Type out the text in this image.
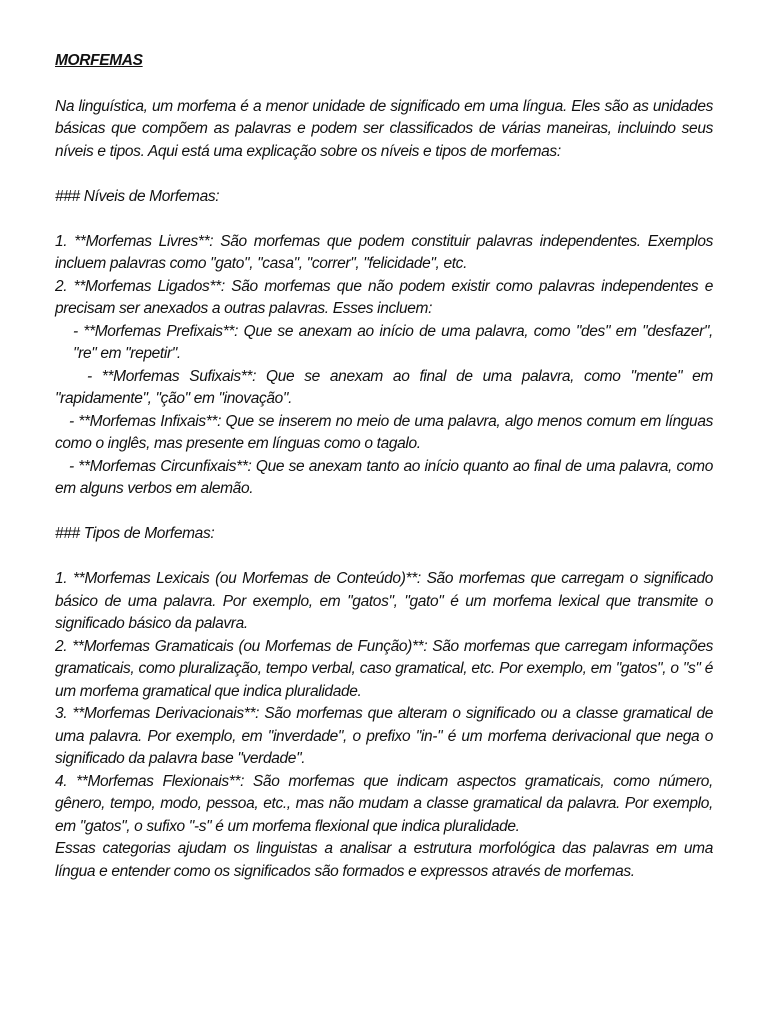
MORFEMAS

Na linguística, um morfema é a menor unidade de significado em uma língua. Eles são as unidades básicas que compõem as palavras e podem ser classificados de várias maneiras, incluindo seus níveis e tipos. Aqui está uma explicação sobre os níveis e tipos de morfemas:

### Níveis de Morfemas:

1. **Morfemas Livres**: São morfemas que podem constituir palavras independentes. Exemplos incluem palavras como "gato", "casa", "correr", "felicidade", etc.

2. **Morfemas Ligados**: São morfemas que não podem existir como palavras independentes e precisam ser anexados a outras palavras. Esses incluem:

- **Morfemas Prefixais**: Que se anexam ao início de uma palavra, como "des" em "desfazer", "re" em "repetir".

- **Morfemas Sufixais**: Que se anexam ao final de uma palavra, como "mente" em "rapidamente", "ção" em "inovação".

- **Morfemas Infixais**: Que se inserem no meio de uma palavra, algo menos comum em línguas como o inglês, mas presente em línguas como o tagalo.

- **Morfemas Circunfixais**: Que se anexam tanto ao início quanto ao final de uma palavra, como em alguns verbos em alemão.

### Tipos de Morfemas:

1. **Morfemas Lexicais (ou Morfemas de Conteúdo)**: São morfemas que carregam o significado básico de uma palavra. Por exemplo, em "gatos", "gato" é um morfema lexical que transmite o significado básico da palavra.

2. **Morfemas Gramaticais (ou Morfemas de Função)**: São morfemas que carregam informações gramaticais, como pluralização, tempo verbal, caso gramatical, etc. Por exemplo, em "gatos", o "s" é um morfema gramatical que indica pluralidade.

3. **Morfemas Derivacionais**: São morfemas que alteram o significado ou a classe gramatical de uma palavra. Por exemplo, em "inverdade", o prefixo "in-" é um morfema derivacional que nega o significado da palavra base "verdade".

4. **Morfemas Flexionais**: São morfemas que indicam aspectos gramaticais, como número, gênero, tempo, modo, pessoa, etc., mas não mudam a classe gramatical da palavra. Por exemplo, em "gatos", o sufixo "-s" é um morfema flexional que indica pluralidade.

Essas categorias ajudam os linguistas a analisar a estrutura morfológica das palavras em uma língua e entender como os significados são formados e expressos através de morfemas.
